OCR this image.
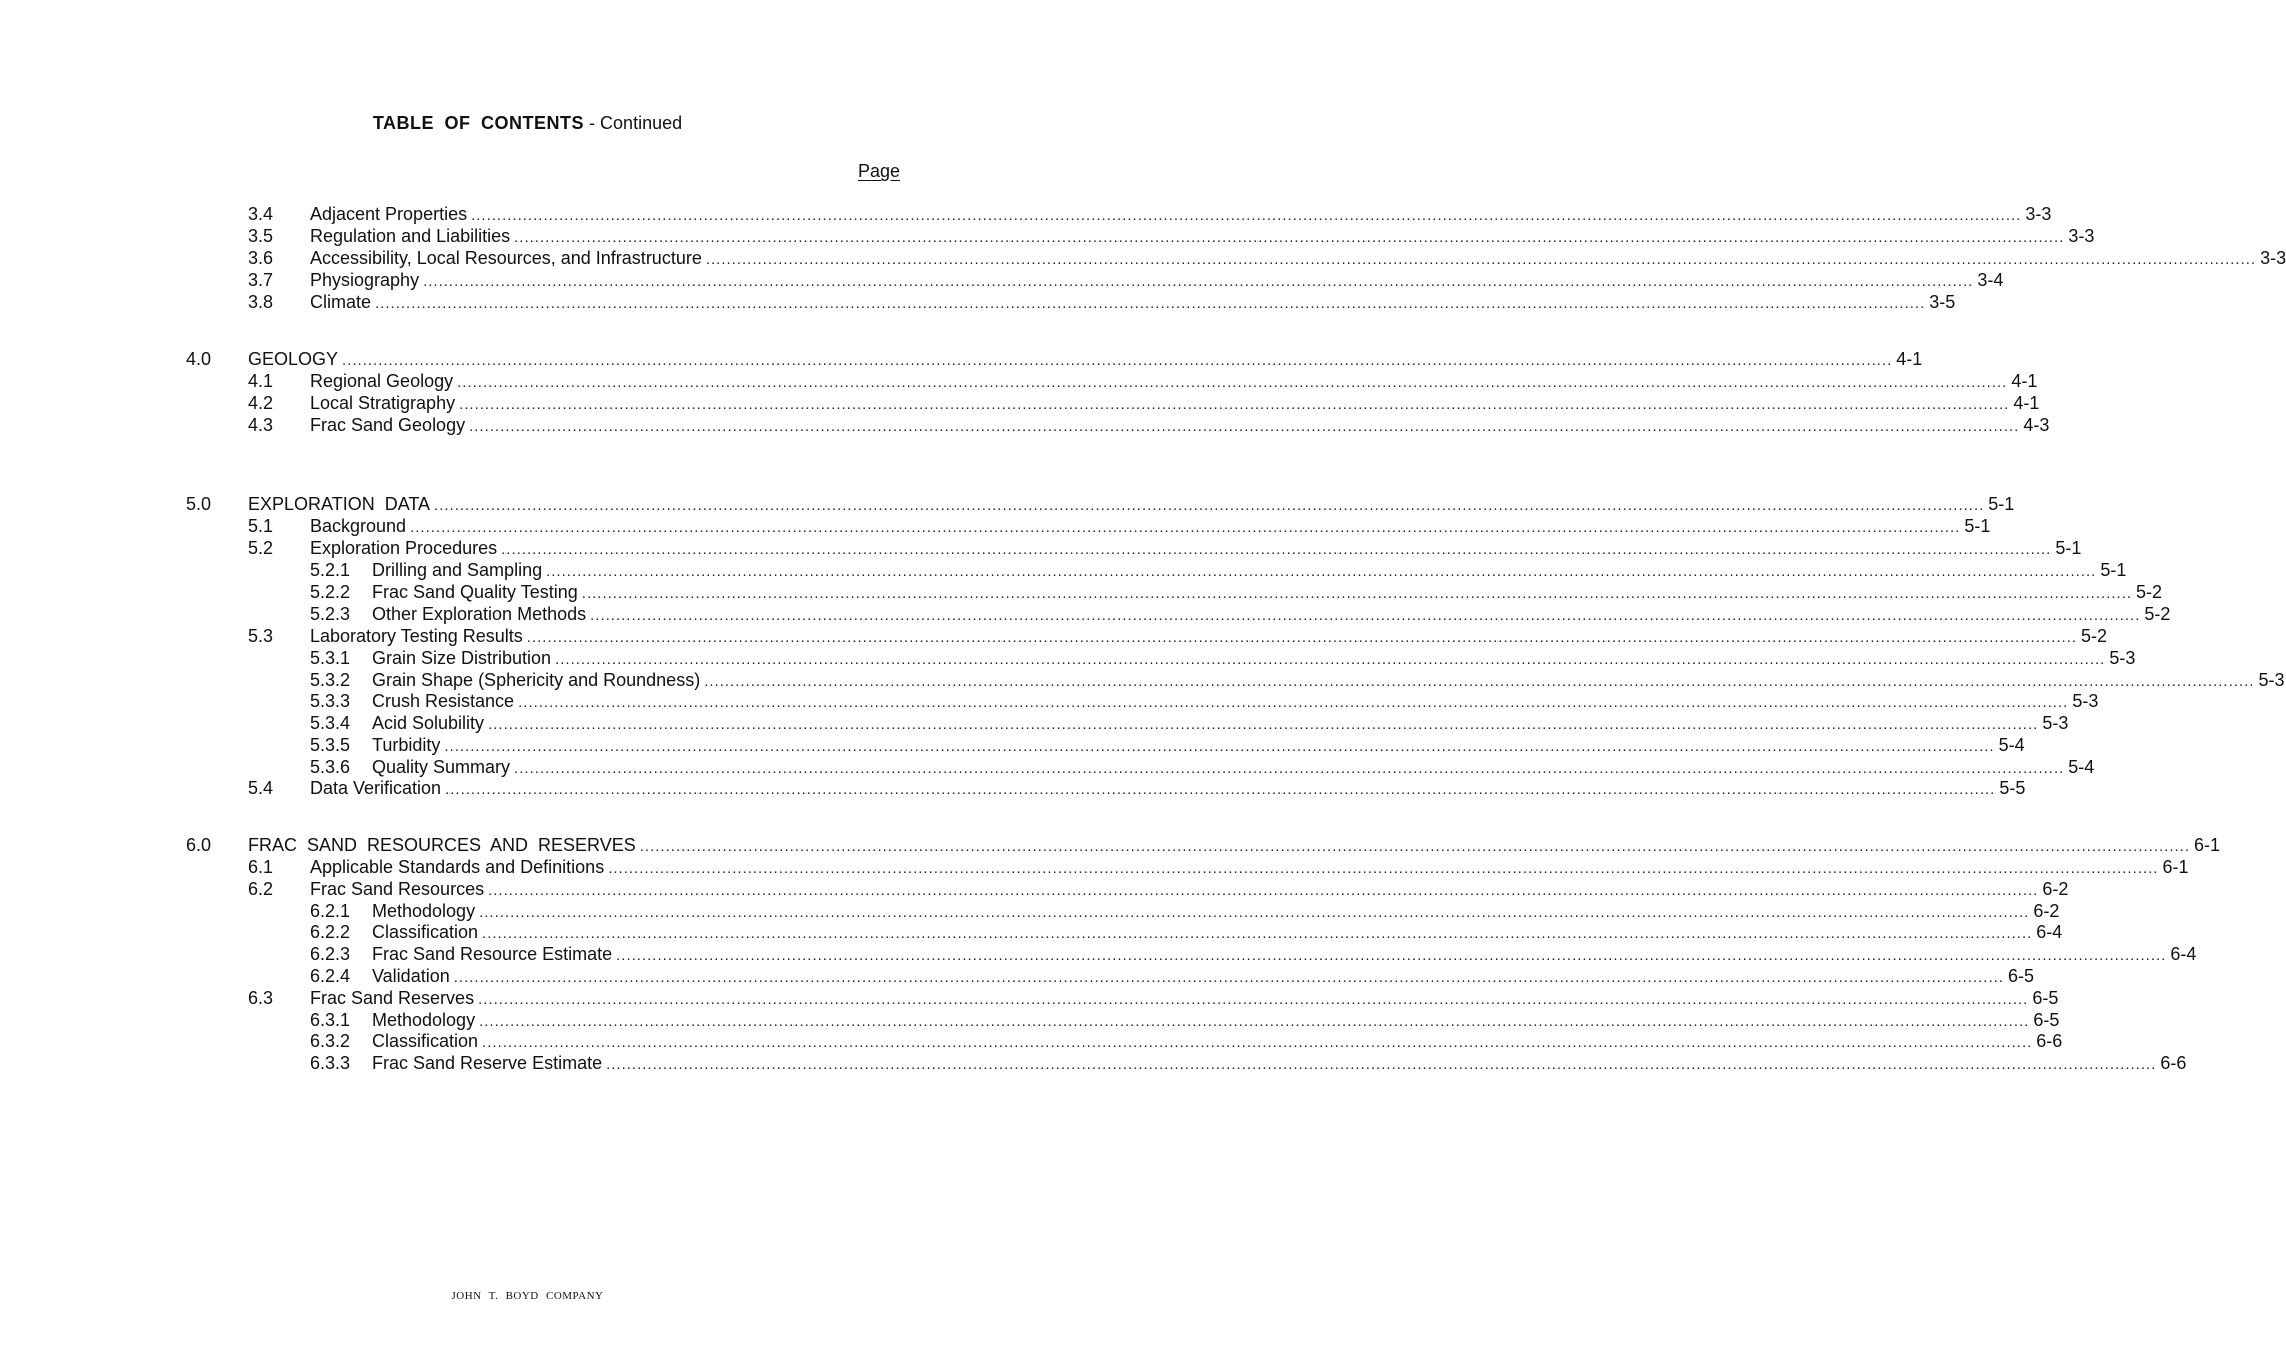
TABLE OF CONTENTS - Continued
Page
3.4 Adjacent Properties ............................................................................................................................................................................................................................................................................................................ 3-3
3.5 Regulation and Liabilities ............................................................................................................................................................................................................................................................................................................ 3-3
3.6 Accessibility, Local Resources, and Infrastructure ............................................................................................................................................................................................................................................................................................................ 3-3
3.7 Physiography ............................................................................................................................................................................................................................................................................................................ 3-4
3.8 Climate ............................................................................................................................................................................................................................................................................................................ 3-5
4.0 GEOLOGY ............................................................................................................................................................................................................................................................................................................ 4-1
4.1 Regional Geology ............................................................................................................................................................................................................................................................................................................ 4-1
4.2 Local Stratigraphy ............................................................................................................................................................................................................................................................................................................ 4-1
4.3 Frac Sand Geology ............................................................................................................................................................................................................................................................................................................ 4-3
5.0 EXPLORATION DATA ............................................................................................................................................................................................................................................................................................................ 5-1
5.1 Background ............................................................................................................................................................................................................................................................................................................ 5-1
5.2 Exploration Procedures ............................................................................................................................................................................................................................................................................................................ 5-1
5.2.1 Drilling and Sampling ............................................................................................................................................................................................................................................................................................................ 5-1
5.2.2 Frac Sand Quality Testing ............................................................................................................................................................................................................................................................................................................ 5-2
5.2.3 Other Exploration Methods ............................................................................................................................................................................................................................................................................................................ 5-2
5.3 Laboratory Testing Results ............................................................................................................................................................................................................................................................................................................ 5-2
5.3.1 Grain Size Distribution ............................................................................................................................................................................................................................................................................................................ 5-3
5.3.2 Grain Shape (Sphericity and Roundness) ............................................................................................................................................................................................................................................................................................................ 5-3
5.3.3 Crush Resistance ............................................................................................................................................................................................................................................................................................................ 5-3
5.3.4 Acid Solubility ............................................................................................................................................................................................................................................................................................................ 5-3
5.3.5 Turbidity ............................................................................................................................................................................................................................................................................................................ 5-4
5.3.6 Quality Summary ............................................................................................................................................................................................................................................................................................................ 5-4
5.4 Data Verification ............................................................................................................................................................................................................................................................................................................ 5-5
6.0 FRAC SAND RESOURCES AND RESERVES ............................................................................................................................................................................................................................................................................................................ 6-1
6.1 Applicable Standards and Definitions ............................................................................................................................................................................................................................................................................................................ 6-1
6.2 Frac Sand Resources ............................................................................................................................................................................................................................................................................................................ 6-2
6.2.1 Methodology ............................................................................................................................................................................................................................................................................................................ 6-2
6.2.2 Classification ............................................................................................................................................................................................................................................................................................................ 6-4
6.2.3 Frac Sand Resource Estimate ............................................................................................................................................................................................................................................................................................................ 6-4
6.2.4 Validation ............................................................................................................................................................................................................................................................................................................ 6-5
6.3 Frac Sand Reserves ............................................................................................................................................................................................................................................................................................................ 6-5
6.3.1 Methodology ............................................................................................................................................................................................................................................................................................................ 6-5
6.3.2 Classification ............................................................................................................................................................................................................................................................................................................ 6-6
6.3.3 Frac Sand Reserve Estimate ............................................................................................................................................................................................................................................................................................................ 6-6
JOHN T. BOYD COMPANY
